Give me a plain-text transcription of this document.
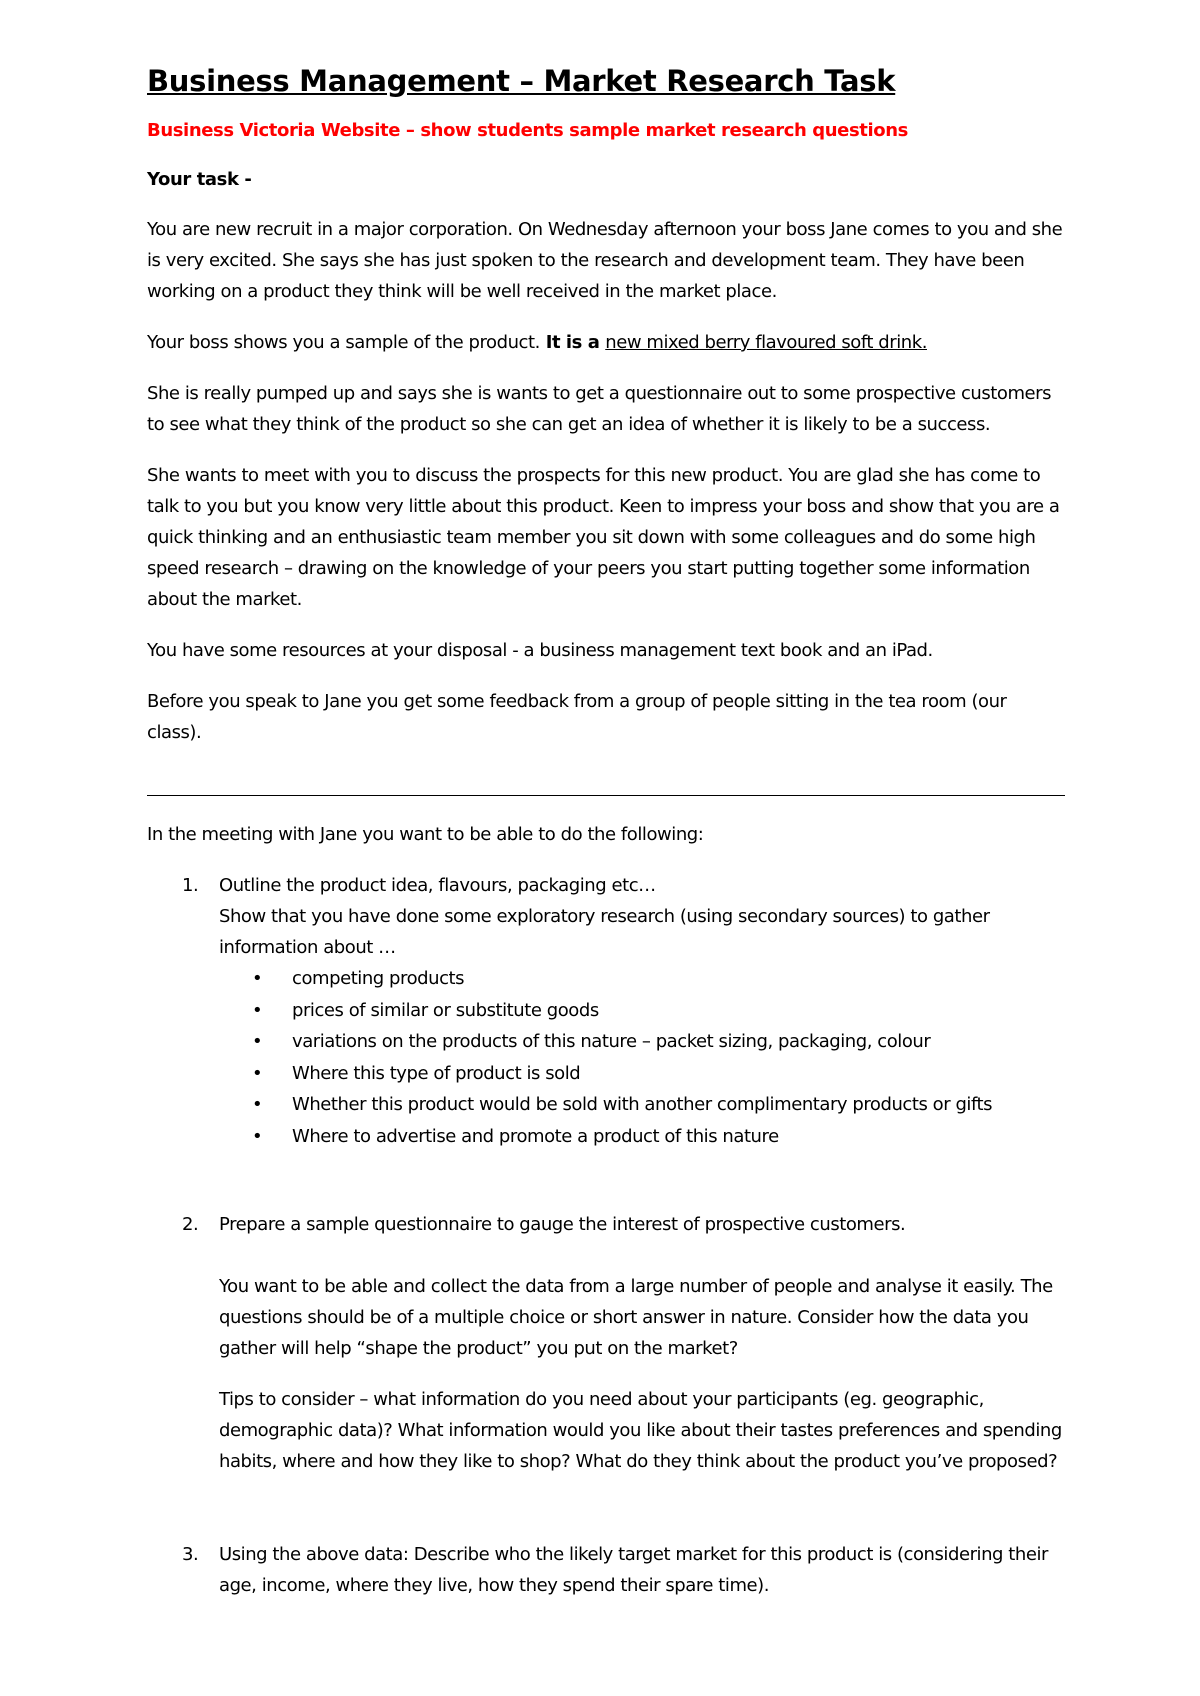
Business Management – Market Research Task
Business Victoria Website – show students sample market research questions
Your task -

You are new recruit in a major corporation. On Wednesday afternoon your boss Jane comes to you and she is very excited. She says she has just spoken to the research and development team. They have been working on a product they think will be well received in the market place.

Your boss shows you a sample of the product. It is a new mixed berry flavoured soft drink.

She is really pumped up and says she is wants to get a questionnaire out to some prospective customers to see what they think of the product so she can get an idea of whether it is likely to be a success.

She wants to meet with you to discuss the prospects for this new product. You are glad she has come to talk to you but you know very little about this product. Keen to impress your boss and show that you are a quick thinking and an enthusiastic team member you sit down with some colleagues and do some high speed research – drawing on the knowledge of your peers you start putting together some information about the market.

You have some resources at your disposal - a business management text book and an iPad.

Before you speak to Jane you get some feedback from a group of people sitting in the tea room (our class).

In the meeting with Jane you want to be able to do the following:

1. Outline the product idea, flavours, packaging etc…

Show that you have done some exploratory research (using secondary sources) to gather information about …

• competing products
• prices of similar or substitute goods
• variations on the products of this nature – packet sizing, packaging, colour
• Where this type of product is sold
• Whether this product would be sold with another complimentary products or gifts
• Where to advertise and promote a product of this nature
2. Prepare a sample questionnaire to gauge the interest of prospective customers.

You want to be able and collect the data from a large number of people and analyse it easily. The questions should be of a multiple choice or short answer in nature. Consider how the data you gather will help “shape the product” you put on the market?

Tips to consider – what information do you need about your participants (eg. geographic, demographic data)? What information would you like about their tastes preferences and spending habits, where and how they like to shop? What do they think about the product you’ve proposed?

3. Using the above data: Describe who the likely target market for this product is (considering their age, income, where they live, how they spend their spare time).
